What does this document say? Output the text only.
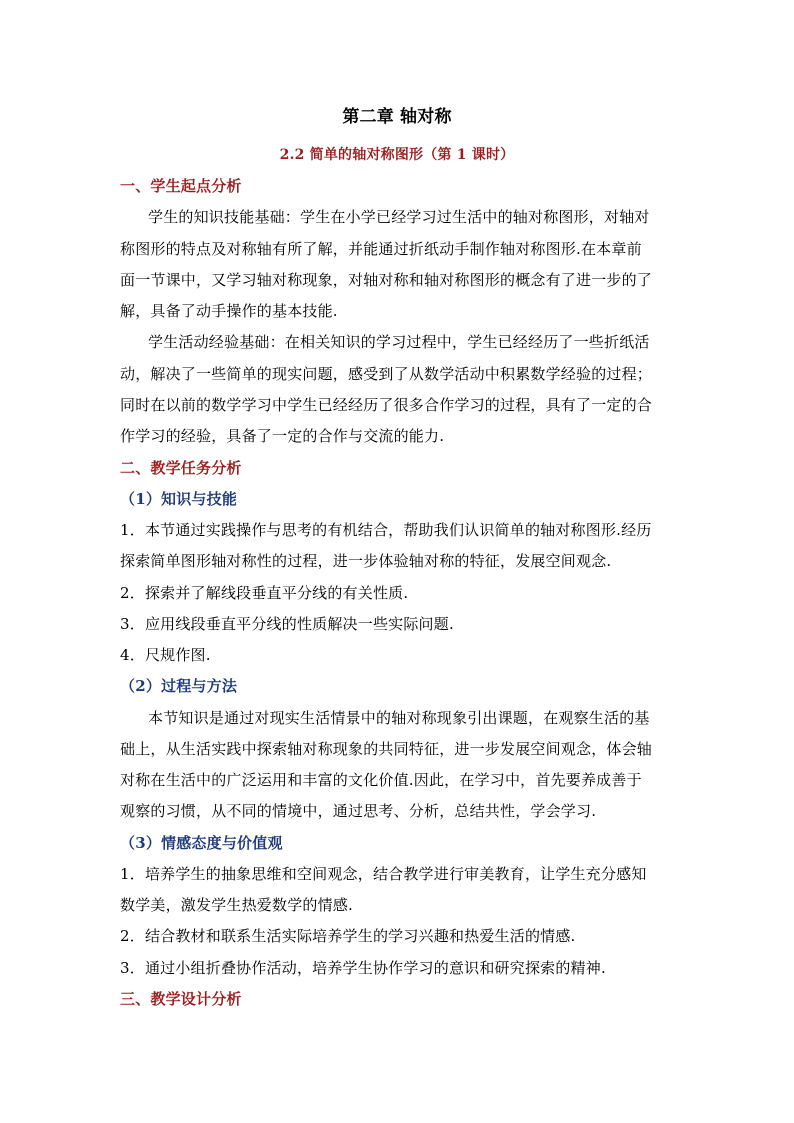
第二章 轴对称
2.2 简单的轴对称图形（第 1 课时）
一、学生起点分析
学生的知识技能基础：学生在小学已经学习过生活中的轴对称图形，对轴对
称图形的特点及对称轴有所了解，并能通过折纸动手制作轴对称图形.在本章前
面一节课中，又学习轴对称现象，对轴对称和轴对称图形的概念有了进一步的了
解，具备了动手操作的基本技能.
学生活动经验基础：在相关知识的学习过程中，学生已经经历了一些折纸活
动，解决了一些简单的现实问题，感受到了从数学活动中积累数学经验的过程；
同时在以前的数学学习中学生已经经历了很多合作学习的过程，具有了一定的合
作学习的经验，具备了一定的合作与交流的能力.
二、教学任务分析
（1）知识与技能
1．本节通过实践操作与思考的有机结合，帮助我们认识简单的轴对称图形.经历
探索简单图形轴对称性的过程，进一步体验轴对称的特征，发展空间观念.
2．探索并了解线段垂直平分线的有关性质.
3．应用线段垂直平分线的性质解决一些实际问题.
4．尺规作图.
（2）过程与方法
本节知识是通过对现实生活情景中的轴对称现象引出课题，在观察生活的基
础上，从生活实践中探索轴对称现象的共同特征，进一步发展空间观念，体会轴
对称在生活中的广泛运用和丰富的文化价值.因此，在学习中，首先要养成善于
观察的习惯，从不同的情境中，通过思考、分析，总结共性，学会学习.
（3）情感态度与价值观
1．培养学生的抽象思维和空间观念，结合教学进行审美教育，让学生充分感知
数学美，激发学生热爱数学的情感.
2．结合教材和联系生活实际培养学生的学习兴趣和热爱生活的情感.
3．通过小组折叠协作活动，培养学生协作学习的意识和研究探索的精神.
三、教学设计分析
